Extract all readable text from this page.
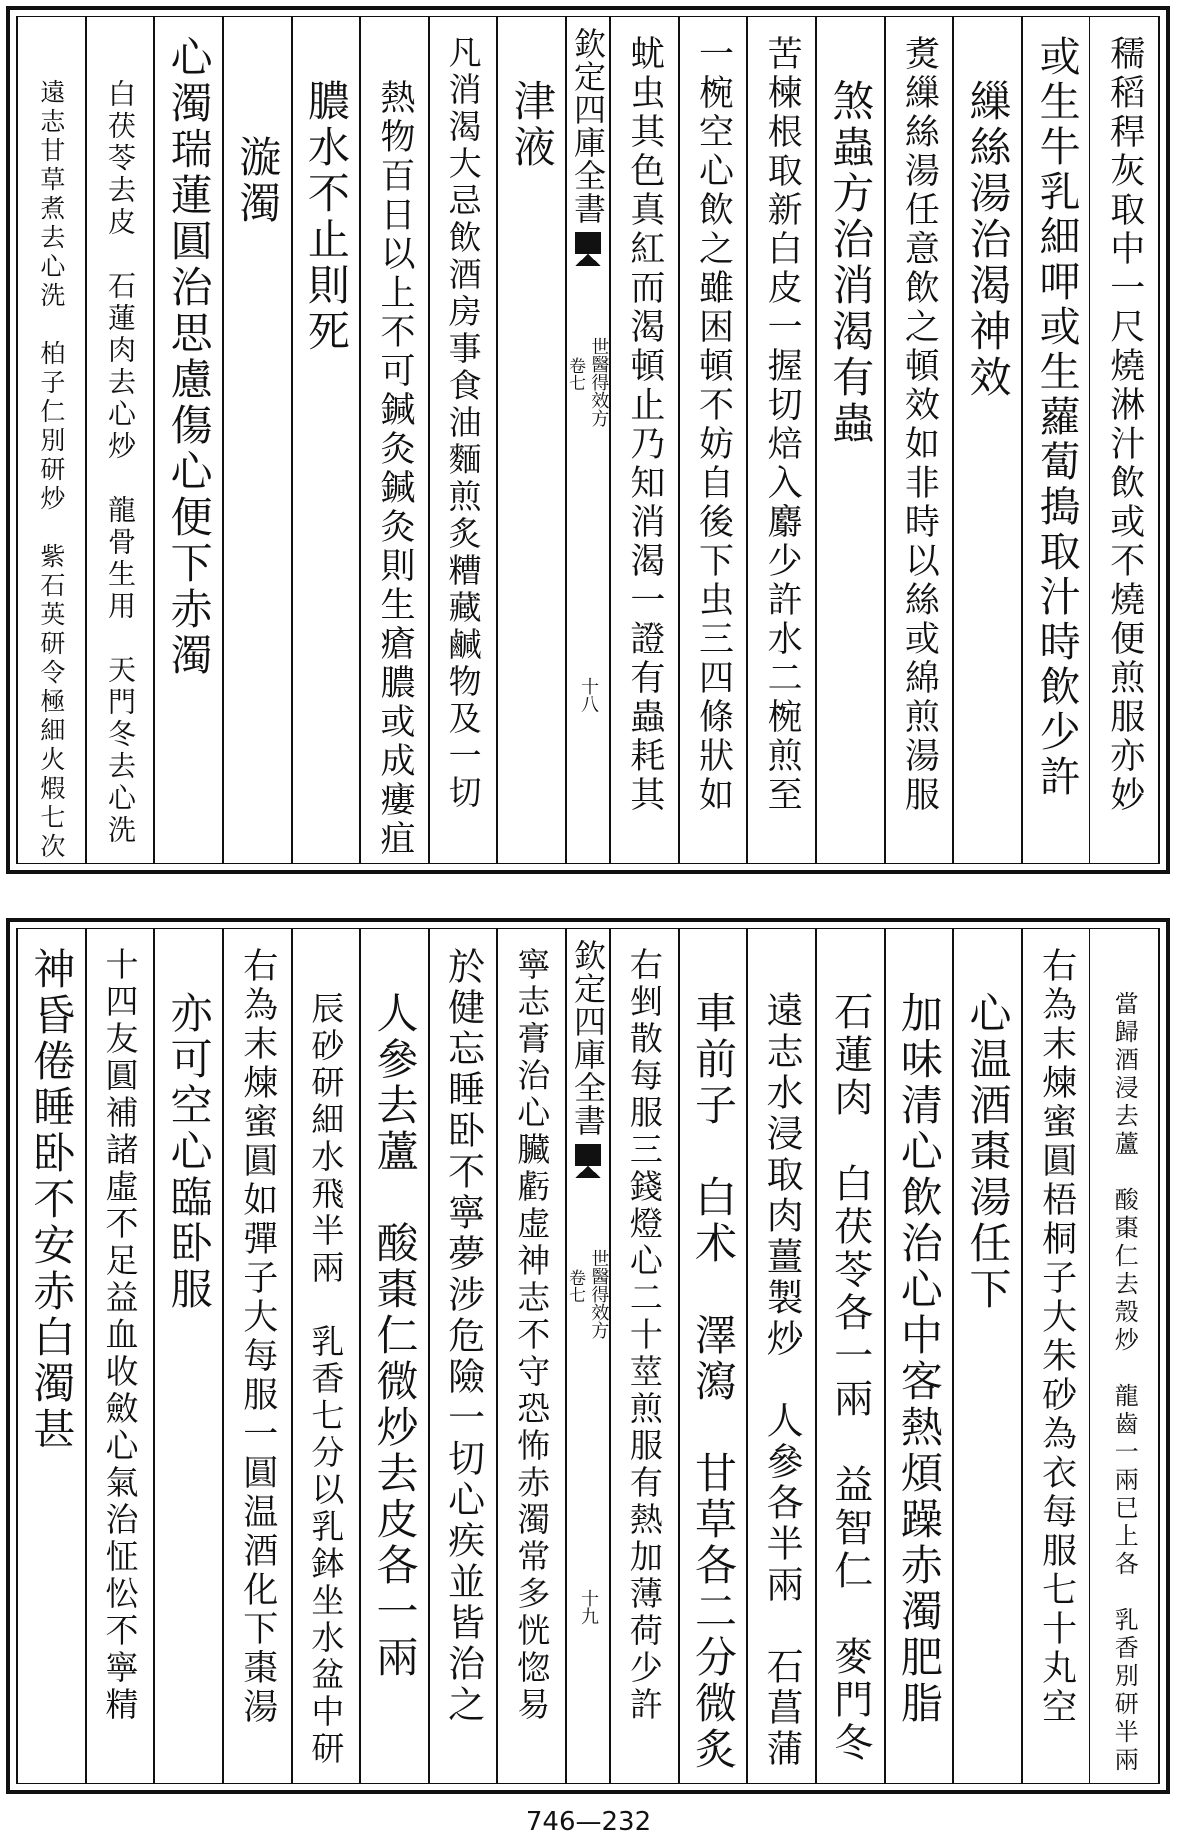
穤稻稈灰取中一尺燒淋汁飲或不燒便煎服亦妙
或生牛乳細呷或生蘿蔔搗取汁時飲少許
繅絲湯治渴神效
煑繅絲湯任意飲之頓效如非時以絲或綿煎湯服
煞蟲方治消渴有蟲
苦楝根取新白皮一握切焙入麝少許水二椀煎至
一椀空心飲之雖困頓不妨自後下虫三四條狀如
蚘虫其色真紅而渴頓止乃知消渴一證有蟲耗其
欽定四庫全書
世醫得效方
卷七
十八
津液
凡消渴大忌飲酒房事食油麵煎炙糟藏鹹物及一切
熱物百日以上不可鍼灸鍼灸則生瘡膿或成瘻疽
膿水不止則死
漩濁
心濁瑞蓮圓治思慮傷心便下赤濁
白茯苓去皮　石蓮肉去心炒　龍骨生用　天門冬去心洗
遠志甘草煮去心洗　柏子仁別研炒　紫石英研令極細火煆七次
當歸酒浸去蘆　酸棗仁去殼炒　龍齒一兩已上各　乳香別研半兩
右為末煉蜜圓梧桐子大朱砂為衣每服七十丸空
心温酒棗湯任下
加味清心飲治心中客熱煩躁赤濁肥脂
石蓮肉　白茯苓各一兩　益智仁　麥門冬
遠志水浸取肉薑製炒　人參各半兩　石菖蒲
車前子　白术　澤瀉　甘草各二分微炙
右剉散每服三錢燈心二十莖煎服有熱加薄荷少許
欽定四庫全書
世醫得效方
卷七
十九
寧志膏治心臟虧虚神志不守恐怖赤濁常多恍惚易
於健忘睡卧不寧夢涉危險一切心疾並皆治之
人參去蘆　酸棗仁微炒去皮各一兩
辰砂研細水飛半兩　乳香七分以乳鉢坐水盆中研
右為末煉蜜圓如彈子大每服一圓温酒化下棗湯
亦可空心臨卧服
十四友圓補諸虛不足益血收斂心氣治怔忪不寧精
神昏倦睡卧不安赤白濁甚
746—232
